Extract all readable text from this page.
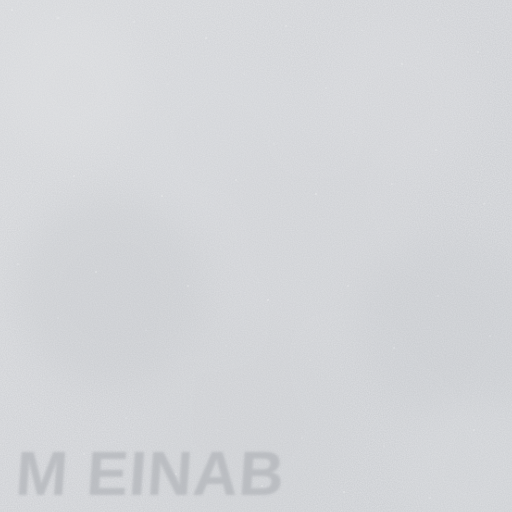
M EINAB
